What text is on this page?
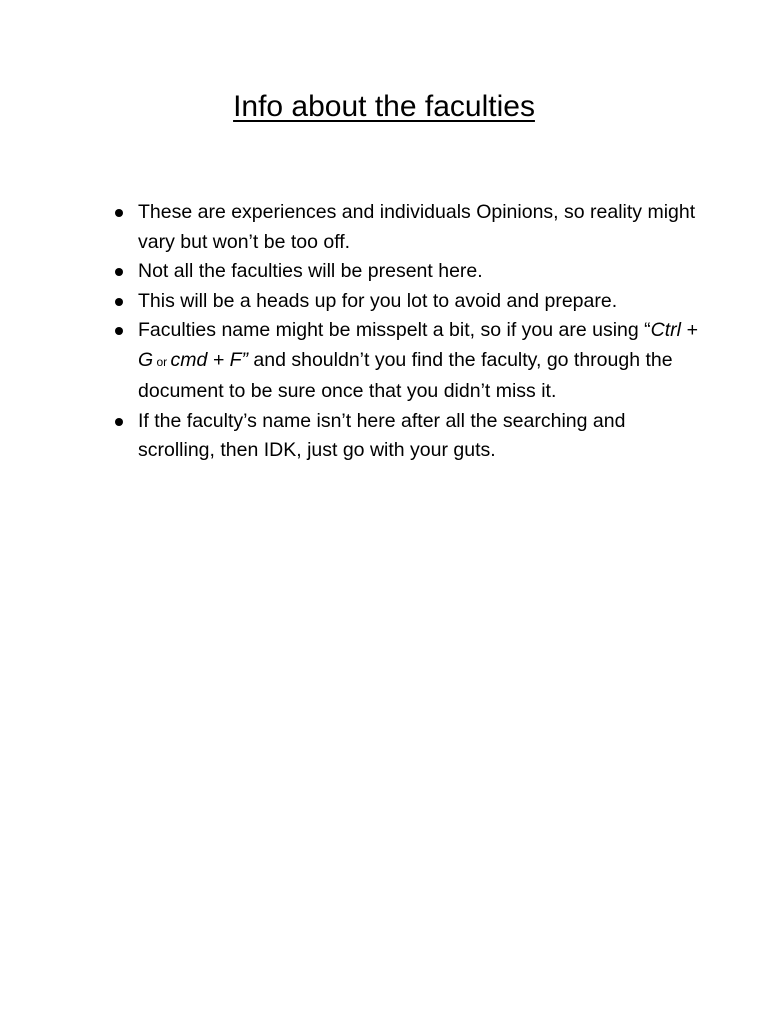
Info about the faculties
These are experiences and individuals Opinions, so reality might vary but won’t be too off.
Not all the faculties will be present here.
This will be a heads up for you lot to avoid and prepare.
Faculties name might be misspelt a bit, so if you are using “Ctrl + G or cmd + F” and shouldn’t you find the faculty, go through the document to be sure once that you didn’t miss it.
If the faculty’s name isn’t here after all the searching and scrolling, then IDK, just go with your guts.
